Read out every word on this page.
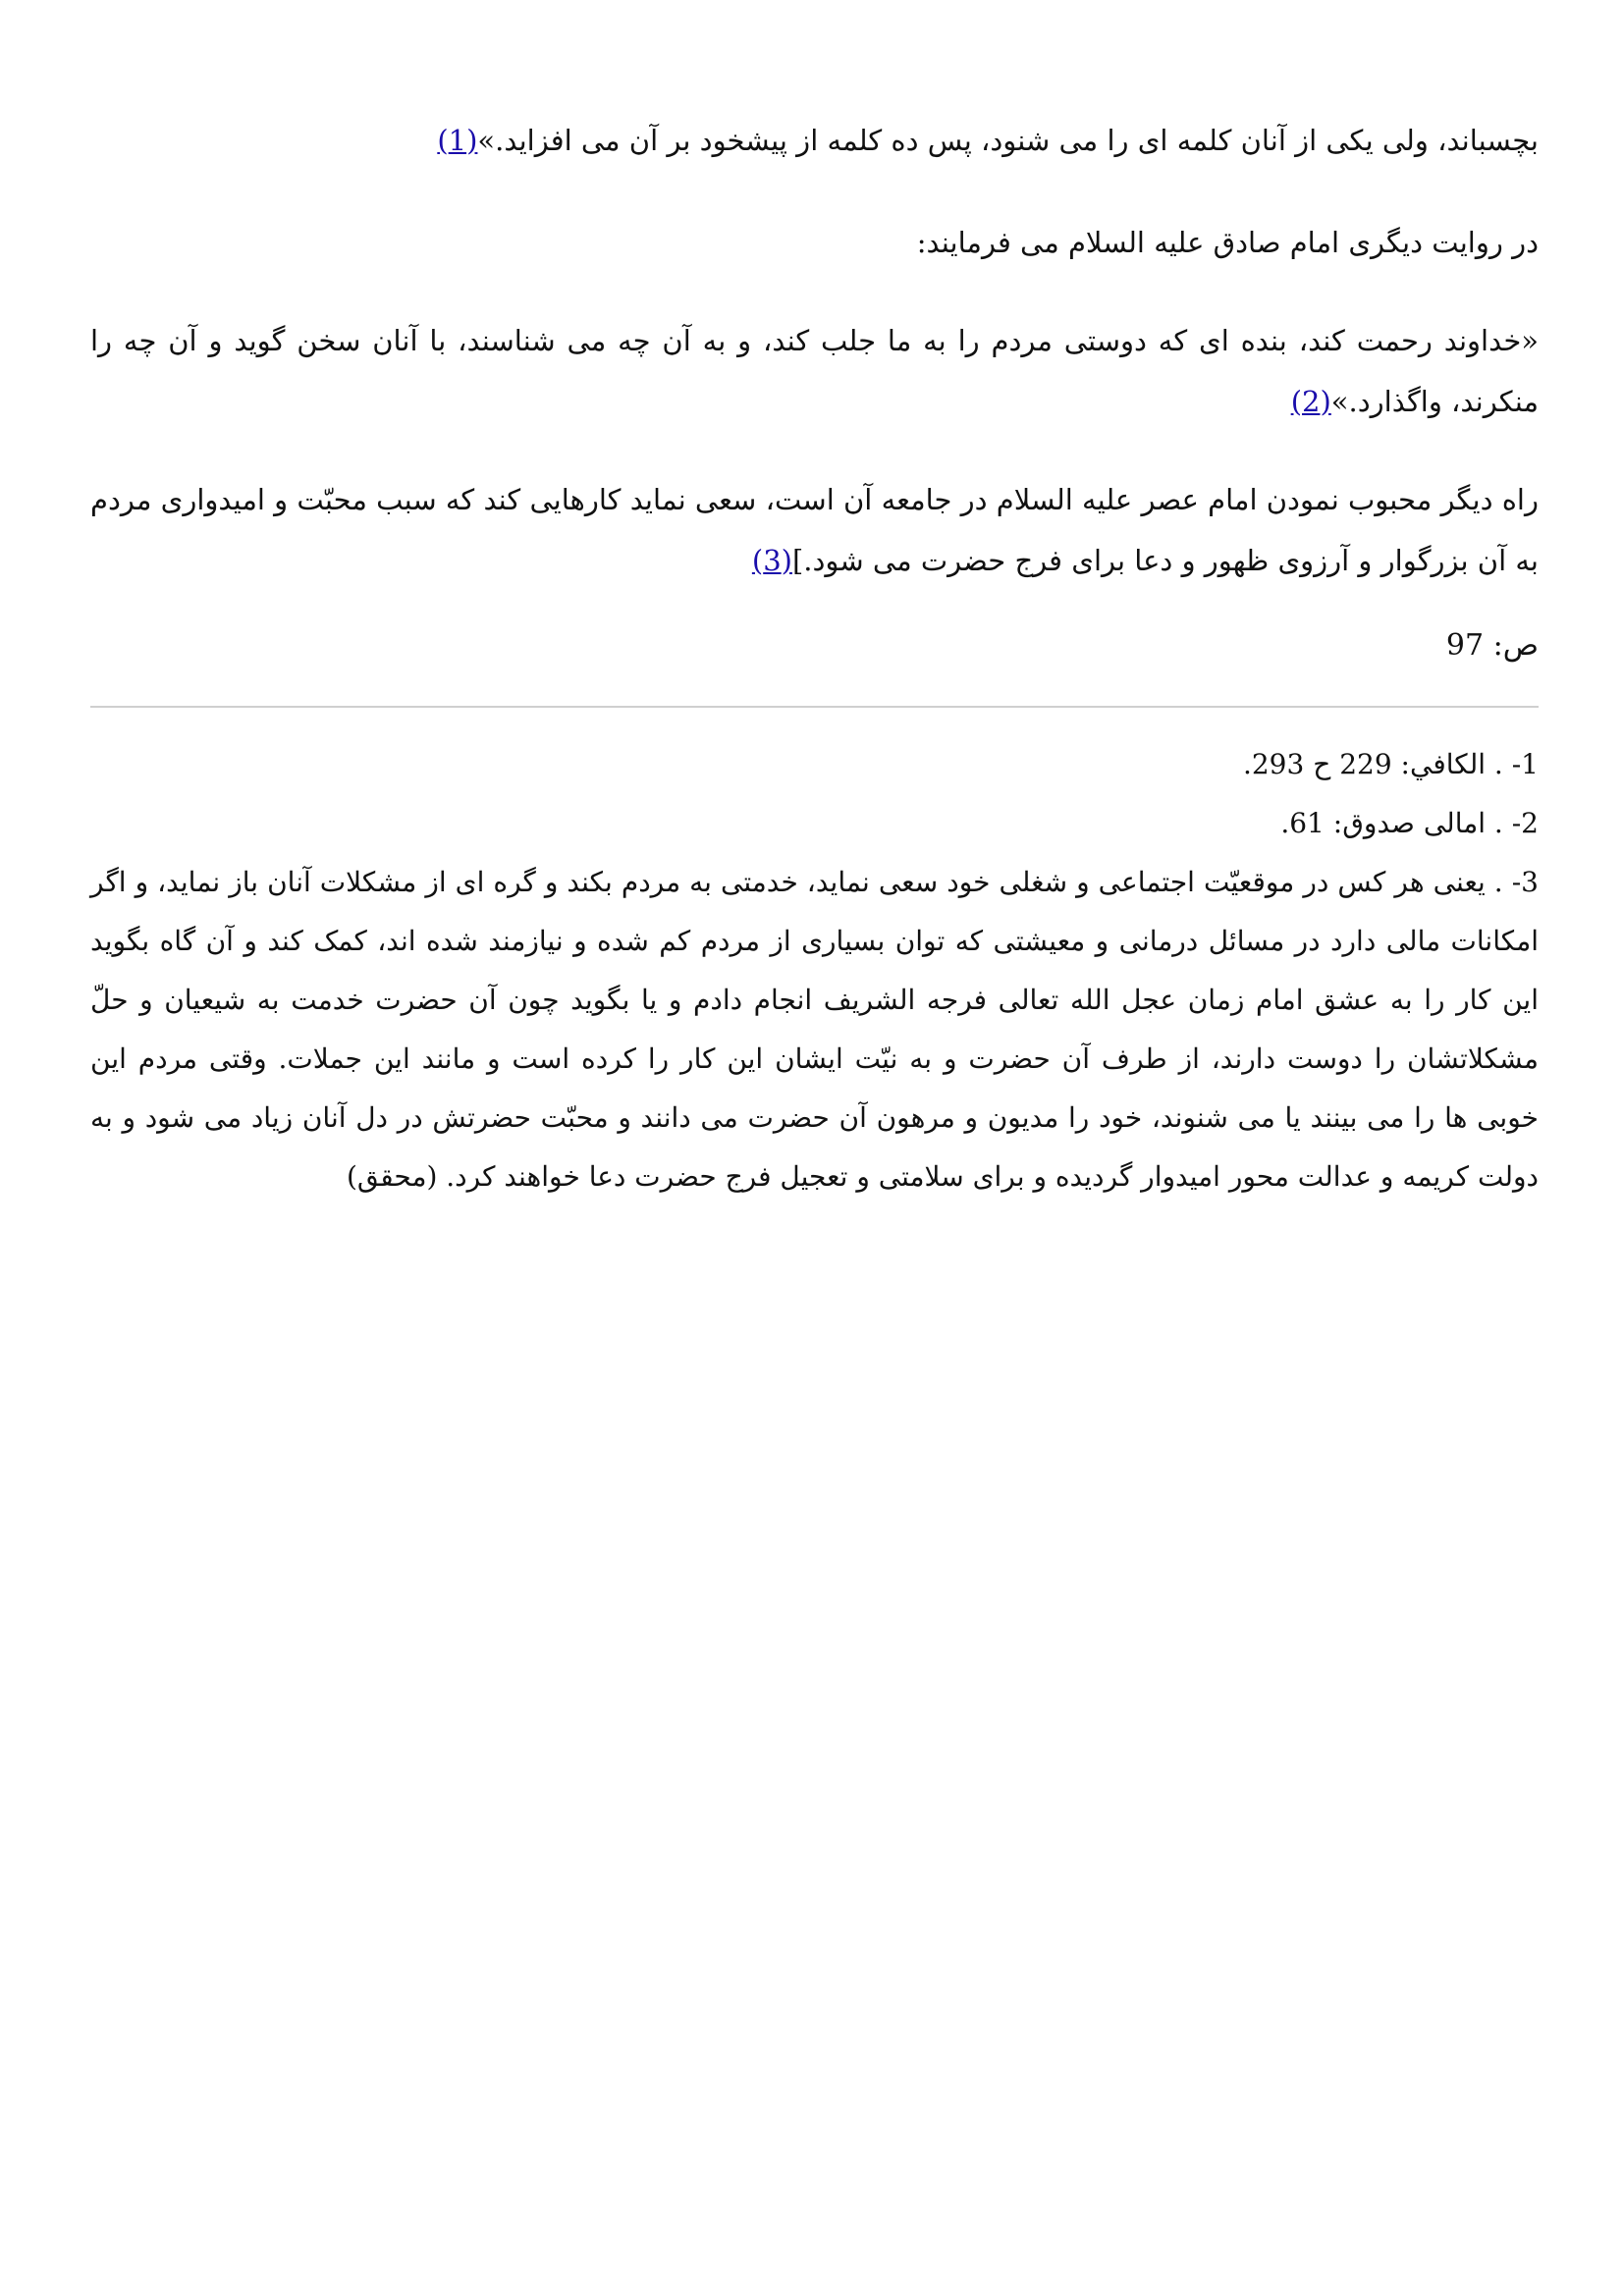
بچسباند، ولی یکی از آنان کلمه ای را می شنود، پس ده کلمه از پیشخود بر آن می افزاید.»(1)

در روایت دیگری امام صادق علیه السلام می فرمایند:

«خداوند رحمت کند، بنده ای که دوستی مردم را به ما جلب کند، و به آن چه می شناسند، با آنان سخن گوید و آن چه را منکرند، واگذارد.»(2)

راه دیگر محبوب نمودن امام عصر علیه السلام در جامعه آن است، سعی نماید کارهایی کند که سبب محبّت و امیدواری مردم به آن بزرگوار و آرزوی ظهور و دعا برای فرج حضرت می شود.](3)

ص: 97

1- . الكافي: 229 ح 293.

2- . امالی صدوق: 61.

3- . یعنی هر کس در موقعیّت اجتماعی و شغلی خود سعی نماید، خدمتی به مردم بکند و گره ای از مشکلات آنان باز نماید، و اگر امکانات مالی دارد در مسائل درمانی و معیشتی که توان بسیاری از مردم کم شده و نیازمند شده اند، کمک کند و آن گاه بگوید این کار را به عشق امام زمان عجل الله تعالی فرجه الشریف انجام دادم و یا بگوید چون آن حضرت خدمت به شیعیان و حلّ مشکلاتشان را دوست دارند، از طرف آن حضرت و به نیّت ایشان این کار را کرده است و مانند این جملات. وقتی مردم این خوبی ها را می بینند یا می شنوند، خود را مدیون و مرهون آن حضرت می دانند و محبّت حضرتش در دل آنان زیاد می شود و به دولت کریمه و عدالت محور امیدوار گردیده و برای سلامتی و تعجیل فرج حضرت دعا خواهند کرد. (محقق)
